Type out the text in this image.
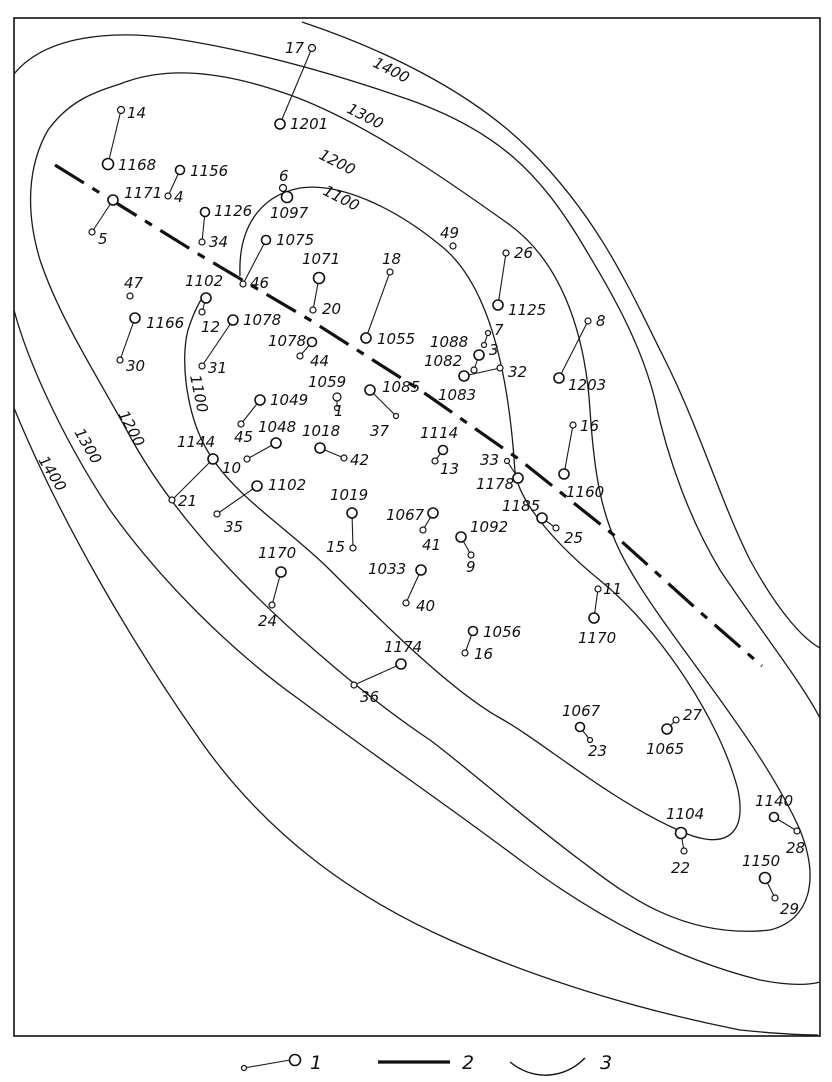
1400
1300
1200
1100
1100
1200
1300
1400
17
1201
14
1168
4
1156
5
1171
34
1126
6
1097
46
1075
20
1071	18
1055
47
12
1102
31
1078
30
1166
44
1078
1
1059
37
1085
45
1049
10
1048
42
1018
13
1114
21
1144
35
1102
15
1019
41
1067
9
1092
40
1033
24
1170
16
1056
36
1174
49
26
1125
7
1088 3
1082
32
1083
33
1178
8
1203
16
1160
25
1185
11
1170
23
1067	27
1065
22
1104
28
1140
29
1150
1	2	3
